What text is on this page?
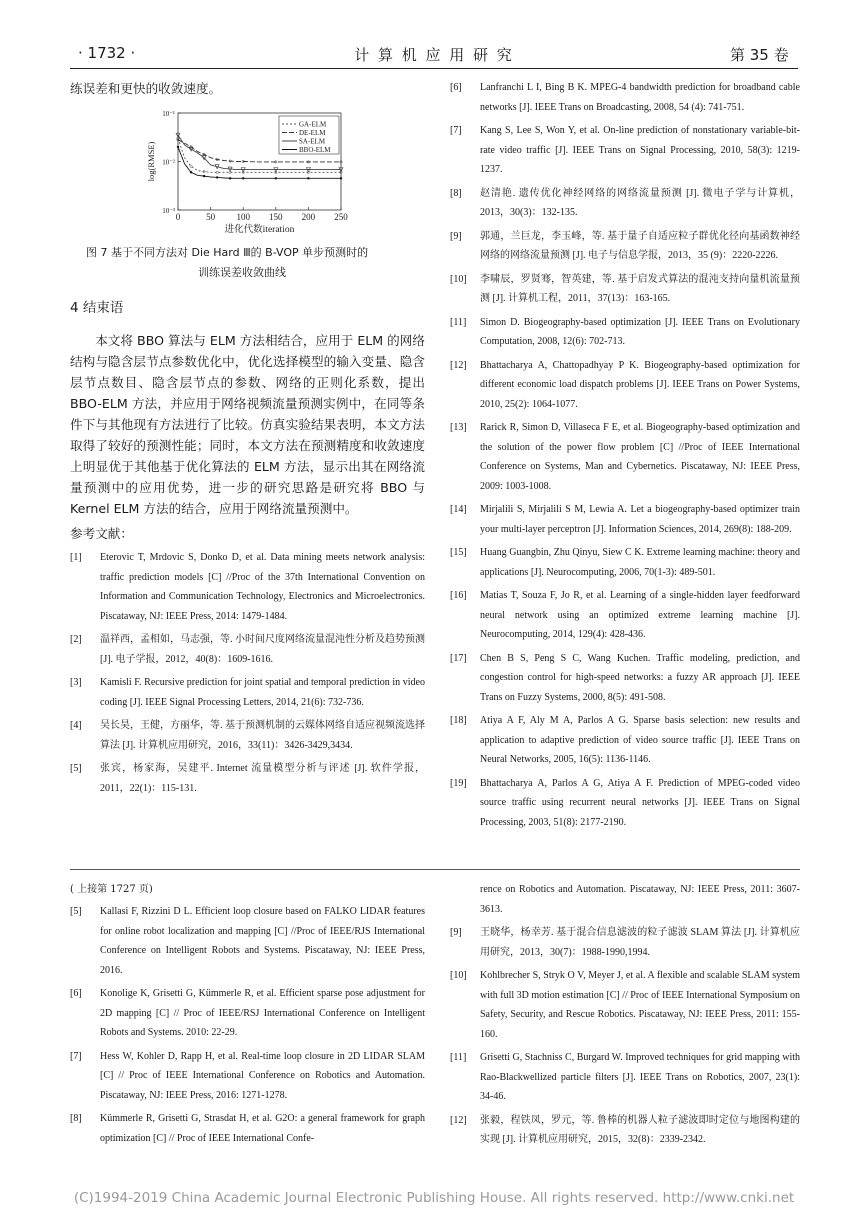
· 1732 ·	计 算 机 应 用 研 究	第 35 卷
练误差和更快的收敛速度。
0	50 100 150 200 250
10⁻¹
10⁻²
10⁻³
进化代数iteration
log(RMSE)
GA-ELM
DE-ELM
SA-ELM
BBO-ELM
图 7 基于不同方法对 Die Hard Ⅲ的 B-VOP 单步预测时的
训练误差收敛曲线
4 结束语

本文将 BBO 算法与 ELM 方法相结合，应用于 ELM 的网络结构与隐含层节点参数优化中，优化选择模型的输入变量、隐含层节点数目、隐含层节点的参数、网络的正则化系数，提出 BBO-ELM 方法，并应用于网络视频流量预测实例中，在同等条件下与其他现有方法进行了比较。仿真实验结果表明，本文方法取得了较好的预测性能；同时，本文方法在预测精度和收敛速度上明显优于其他基于优化算法的 ELM 方法，显示出其在网络流量预测中的应用优势，进一步的研究思路是研究将 BBO 与 Kernel ELM 方法的结合，应用于网络流量预测中。

参考文献：
[1]	Eterovic T, Mrdovic S, Donko D, et al. Data mining meets network analysis: traffic prediction models [C] //Proc of the 37th International Convention on Information and Communication Technology, Electronics and Microelectronics. Piscataway, NJ: IEEE Press, 2014: 1479-1484.
[2]	温祥西，孟相如，马志强，等. 小时间尺度网络流量混沌性分析及趋势预测 [J]. 电子学报，2012，40(8)：1609-1616.
[3]	Kamisli F. Recursive prediction for joint spatial and temporal prediction in video coding [J]. IEEE Signal Processing Letters, 2014, 21(6): 732-736.
[4]	吴长昊，王健，方丽华，等. 基于预测机制的云媒体网络自适应视频流选择算法 [J]. 计算机应用研究，2016，33(11)：3426-3429,3434.
[5]	张宾，杨家海，吴建平. Internet 流量模型分析与评述 [J]. 软件学报，2011，22(1)：115-131.
[6]	Lanfranchi L I, Bing B K. MPEG-4 bandwidth prediction for broadband cable networks [J]. IEEE Trans on Broadcasting, 2008, 54 (4): 741-751.
[7]	Kang S, Lee S, Won Y, et al. On-line prediction of nonstationary variable-bit-rate video traffic [J]. IEEE Trans on Signal Processing, 2010, 58(3): 1219-1237.
[8]	赵清艳. 遗传优化神经网络的网络流量预测 [J]. 微电子学与计算机，2013，30(3)：132-135.
[9]	郭通，兰巨龙，李玉峰，等. 基于量子自适应粒子群优化径向基函数神经网络的网络流量预测 [J]. 电子与信息学报，2013，35 (9)：2220-2226.
[10]	李啸辰，罗贤骞，智英建，等. 基于启发式算法的混沌支持向量机流量预测 [J]. 计算机工程，2011，37(13)：163-165.
[11]	Simon D. Biogeography-based optimization [J]. IEEE Trans on Evolutionary Computation, 2008, 12(6): 702-713.
[12]	Bhattacharya A, Chattopadhyay P K. Biogeography-based optimization for different economic load dispatch problems [J]. IEEE Trans on Power Systems, 2010, 25(2): 1064-1077.
[13]	Rarick R, Simon D, Villaseca F E, et al. Biogeography-based optimization and the solution of the power flow problem [C] //Proc of IEEE International Conference on Systems, Man and Cybernetics. Piscataway, NJ: IEEE Press, 2009: 1003-1008.
[14]	Mirjalili S, Mirjalili S M, Lewia A. Let a biogeography-based optimizer train your multi-layer perceptron [J]. Information Sciences, 2014, 269(8): 188-209.
[15]	Huang Guangbin, Zhu Qinyu, Siew C K. Extreme learning machine: theory and applications [J]. Neurocomputing, 2006, 70(1-3): 489-501.
[16]	Matias T, Souza F, Jo R, et al. Learning of a single-hidden layer feedforward neural network using an optimized extreme learning machine [J]. Neurocomputing, 2014, 129(4): 428-436.
[17]	Chen B S, Peng S C, Wang Kuchen. Traffic modeling, prediction, and congestion control for high-speed networks: a fuzzy AR approach [J]. IEEE Trans on Fuzzy Systems, 2000, 8(5): 491-508.
[18]	Atiya A F, Aly M A, Parlos A G. Sparse basis selection: new results and application to adaptive prediction of video source traffic [J]. IEEE Trans on Neural Networks, 2005, 16(5): 1136-1146.
[19]	Bhattacharya A, Parlos A G, Atiya A F. Prediction of MPEG-coded video source traffic using recurrent neural networks [J]. IEEE Trans on Signal Processing, 2003, 51(8): 2177-2190.
( 上接第 1727 页)
[5]	Kallasi F, Rizzini D L. Efficient loop closure based on FALKO LIDAR features for online robot localization and mapping [C] //Proc of IEEE/RJS International Conference on Intelligent Robots and Systems. Piscataway, NJ: IEEE Press, 2016.
[6]	Konolige K, Grisetti G, Kümmerle R, et al. Efficient sparse pose adjustment for 2D mapping [C] // Proc of IEEE/RSJ International Conference on Intelligent Robots and Systems. 2010: 22-29.
[7]	Hess W, Kohler D, Rapp H, et al. Real-time loop closure in 2D LIDAR SLAM [C] // Proc of IEEE International Conference on Robotics and Automation. Piscataway, NJ: IEEE Press, 2016: 1271-1278.
[8]	Kümmerle R, Grisetti G, Strasdat H, et al. G2O: a general framework for graph optimization [C] // Proc of IEEE International Confe-
rence on Robotics and Automation. Piscataway, NJ: IEEE Press, 2011: 3607-3613.
[9]	王晓华，杨幸芳. 基于混合信息滤波的粒子滤波 SLAM 算法 [J]. 计算机应用研究，2013，30(7)：1988-1990,1994.
[10]	Kohlbrecher S, Stryk O V, Meyer J, et al. A flexible and scalable SLAM system with full 3D motion estimation [C] // Proc of IEEE International Symposium on Safety, Security, and Rescue Robotics. Piscataway, NJ: IEEE Press, 2011: 155-160.
[11]	Grisetti G, Stachniss C, Burgard W. Improved techniques for grid mapping with Rao-Blackwellized particle filters [J]. IEEE Trans on Robotics, 2007, 23(1): 34-46.
[12]	张毅，程铁凤，罗元，等. 鲁棒的机器人粒子滤波即时定位与地图构建的实现 [J]. 计算机应用研究，2015，32(8)：2339-2342.
(C)1994-2019 China Academic Journal Electronic Publishing House. All rights reserved. http://www.cnki.net
